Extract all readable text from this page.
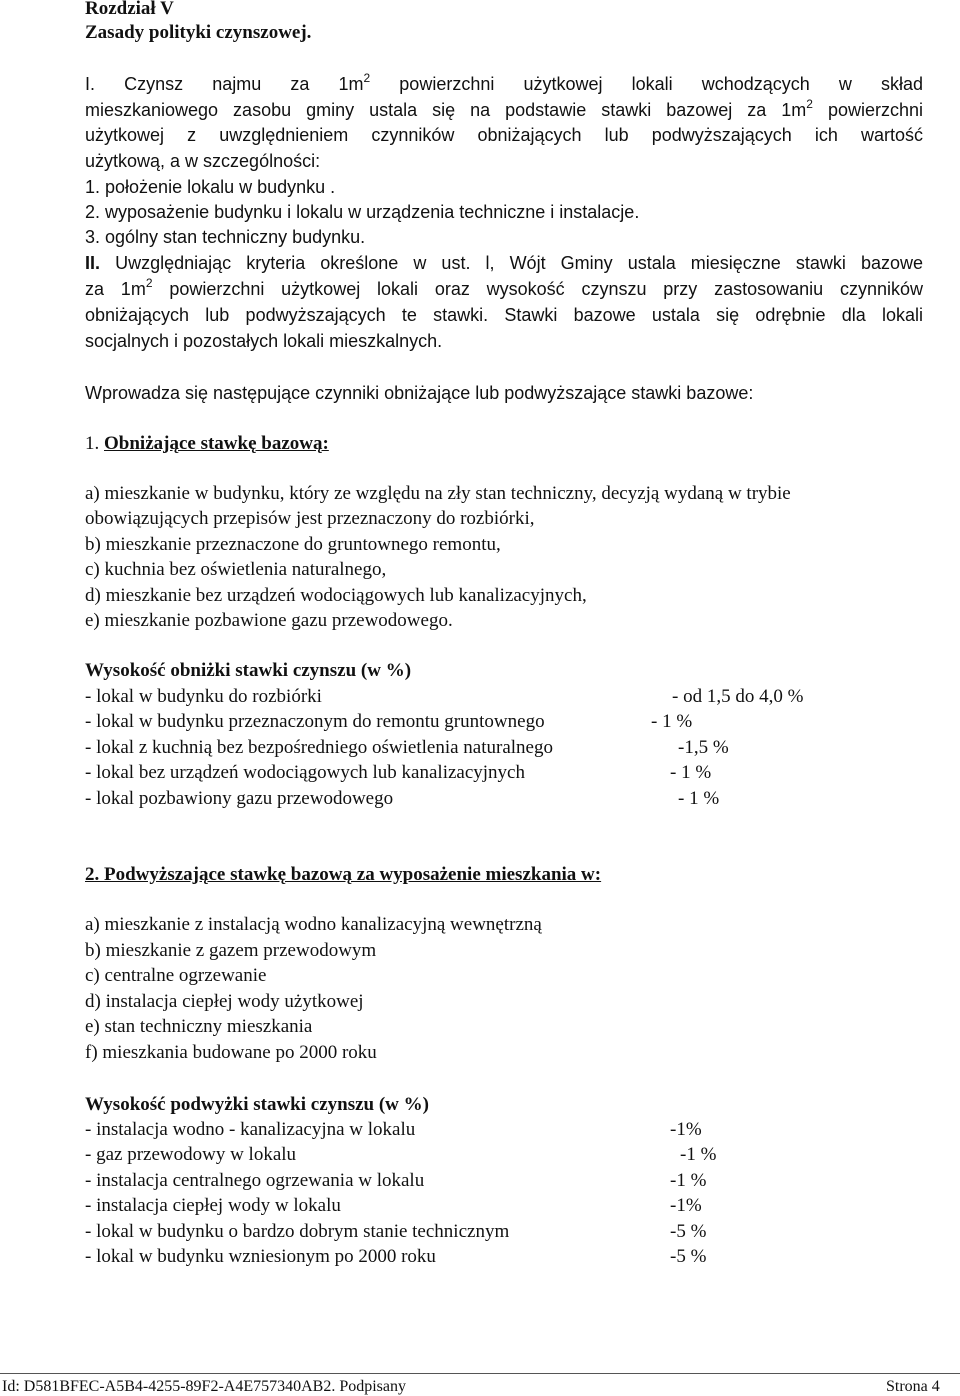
Rozdział V
Zasady polityki czynszowej.
I. Czynsz najmu za $1m^2$ powierzchni użytkowej lokali wchodzących w skład
mieszkaniowego zasobu gminy ustala się na podstawie stawki bazowej za $1m^2$ powierzchni
użytkowej z uwzględnieniem czynników obniżających lub podwyższających ich wartość
użytkową, a w szczególności:
1. położenie lokalu w budynku .
2. wyposażenie budynku i lokalu w urządzenia techniczne i instalacje.
3. ogólny stan techniczny budynku.
II. Uwzględniając kryteria określone w ust. l, Wójt Gminy ustala miesięczne stawki bazowe
za $1m^2$ powierzchni użytkowej lokali oraz wysokość czynszu przy zastosowaniu czynników
obniżających lub podwyższających te stawki. Stawki bazowe ustala się odrębnie dla lokali
socjalnych i pozostałych lokali mieszkalnych.
Wprowadza się następujące czynniki obniżające lub podwyższające stawki bazowe:
1. Obniżające stawkę bazową:
a) mieszkanie w budynku, który ze względu na zły stan techniczny, decyzją wydaną w trybie
obowiązujących przepisów jest przeznaczony do rozbiórki,
b) mieszkanie przeznaczone do gruntownego remontu,
c) kuchnia bez oświetlenia naturalnego,
d) mieszkanie bez urządzeń wodociągowych lub kanalizacyjnych,
e) mieszkanie pozbawione gazu przewodowego.
Wysokość obniżki stawki czynszu (w %)
- lokal w budynku do rozbiórki	- od 1,5 do 4,0 %
- lokal w budynku przeznaczonym do remontu gruntownego	- 1 %
- lokal z kuchnią bez bezpośredniego oświetlenia naturalnego	-1,5 %
- lokal bez urządzeń wodociągowych lub kanalizacyjnych	- 1 %
- lokal pozbawiony gazu przewodowego	- 1 %
2. Podwyższające stawkę bazową za wyposażenie mieszkania w:
a) mieszkanie z instalacją wodno kanalizacyjną wewnętrzną
b) mieszkanie z gazem przewodowym
c) centralne ogrzewanie
d) instalacja ciepłej wody użytkowej
e) stan techniczny mieszkania
f) mieszkania budowane po 2000 roku
Wysokość podwyżki stawki czynszu (w %)
- instalacja wodno - kanalizacyjna w lokalu	-1%
- gaz przewodowy w lokalu	-1 %
- instalacja centralnego ogrzewania w lokalu	-1 %
- instalacja ciepłej wody w lokalu	-1%
- lokal w budynku o bardzo dobrym stanie technicznym	-5 %
- lokal w budynku wzniesionym po 2000 roku	-5 %
Id: D581BFEC-A5B4-4255-89F2-A4E757340AB2. Podpisany	Strona 4
